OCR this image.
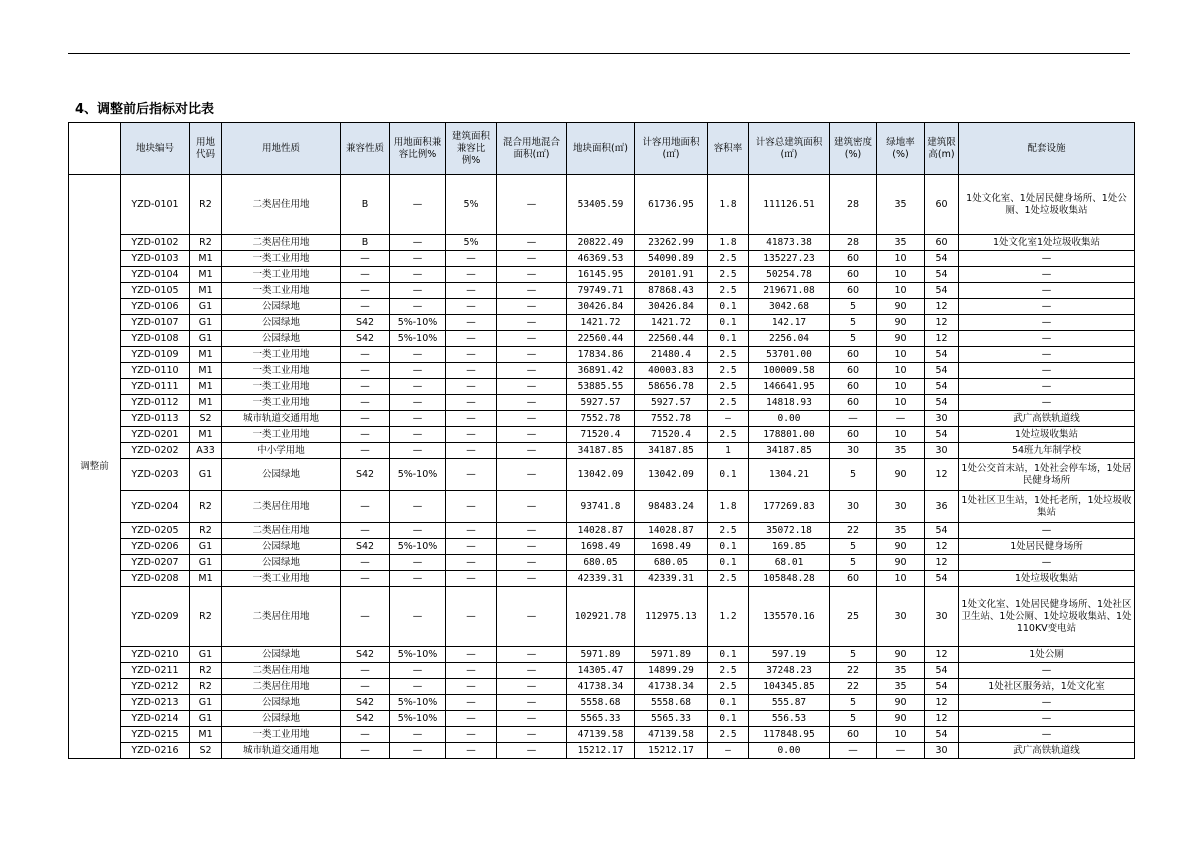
4、调整前后指标对比表
	地块编号	用地代码	用地性质	兼容性质	用地面积兼容比例%	建筑面积兼容比例%	混合用地混合面积(㎡)	地块面积(㎡)	计容用地面积(㎡)	容积率	计容总建筑面积(㎡)	建筑密度(%)	绿地率(%)	建筑限高(m)	配套设施
调整前	YZD-0101	R2	二类居住用地	B	—	5%	—	53405.59	61736.95	1.8	111126.51	28	35	60	1处文化室、1处居民健身场所、1处公厕、1处垃圾收集站
	YZD-0102	R2	二类居住用地	B	—	5%	—	20822.49	23262.99	1.8	41873.38	28	35	60	1处文化室1处垃圾收集站
	YZD-0103	M1	一类工业用地	—	—	—	—	46369.53	54090.89	2.5	135227.23	60	10	54	—
	YZD-0104	M1	一类工业用地	—	—	—	—	16145.95	20101.91	2.5	50254.78	60	10	54	—
	YZD-0105	M1	一类工业用地	—	—	—	—	79749.71	87868.43	2.5	219671.08	60	10	54	—
	YZD-0106	G1	公园绿地	—	—	—	—	30426.84	30426.84	0.1	3042.68	5	90	12	—
	YZD-0107	G1	公园绿地	S42	5%-10%	—	—	1421.72	1421.72	0.1	142.17	5	90	12	—
	YZD-0108	G1	公园绿地	S42	5%-10%	—	—	22560.44	22560.44	0.1	2256.04	5	90	12	—
	YZD-0109	M1	一类工业用地	—	—	—	—	17834.86	21480.4	2.5	53701.00	60	10	54	—
	YZD-0110	M1	一类工业用地	—	—	—	—	36891.42	40003.83	2.5	100009.58	60	10	54	—
	YZD-0111	M1	一类工业用地	—	—	—	—	53885.55	58656.78	2.5	146641.95	60	10	54	—
	YZD-0112	M1	一类工业用地	—	—	—	—	5927.57	5927.57	2.5	14818.93	60	10	54	—
	YZD-0113	S2	城市轨道交通用地	—	—	—	—	7552.78	7552.78	—	0.00	—	—	30	武广高铁轨道线
	YZD-0201	M1	一类工业用地	—	—	—	—	71520.4	71520.4	2.5	178801.00	60	10	54	1处垃圾收集站
	YZD-0202	A33	中小学用地	—	—	—	—	34187.85	34187.85	1	34187.85	30	35	30	54班九年制学校
	YZD-0203	G1	公园绿地	S42	5%-10%	—	—	13042.09	13042.09	0.1	1304.21	5	90	12	1处公交首末站，1处社会停车场，1处居民健身场所
	YZD-0204	R2	二类居住用地	—	—	—	—	93741.8	98483.24	1.8	177269.83	30	30	36	1处社区卫生站，1处托老所，1处垃圾收集站
	YZD-0205	R2	二类居住用地	—	—	—	—	14028.87	14028.87	2.5	35072.18	22	35	54	—
	YZD-0206	G1	公园绿地	S42	5%-10%	—	—	1698.49	1698.49	0.1	169.85	5	90	12	1处居民健身场所
	YZD-0207	G1	公园绿地	—	—	—	—	680.05	680.05	0.1	68.01	5	90	12	—
	YZD-0208	M1	一类工业用地	—	—	—	—	42339.31	42339.31	2.5	105848.28	60	10	54	1处垃圾收集站
	YZD-0209	R2	二类居住用地	—	—	—	—	102921.78	112975.13	1.2	135570.16	25	30	30	1处文化室、1处居民健身场所、1处社区卫生站、1处公厕、1处垃圾收集站、1处110KV变电站
	YZD-0210	G1	公园绿地	S42	5%-10%	—	—	5971.89	5971.89	0.1	597.19	5	90	12	1处公厕
	YZD-0211	R2	二类居住用地	—	—	—	—	14305.47	14899.29	2.5	37248.23	22	35	54	—
	YZD-0212	R2	二类居住用地	—	—	—	—	41738.34	41738.34	2.5	104345.85	22	35	54	1处社区服务站，1处文化室
	YZD-0213	G1	公园绿地	S42	5%-10%	—	—	5558.68	5558.68	0.1	555.87	5	90	12	—
	YZD-0214	G1	公园绿地	S42	5%-10%	—	—	5565.33	5565.33	0.1	556.53	5	90	12	—
	YZD-0215	M1	一类工业用地	—	—	—	—	47139.58	47139.58	2.5	117848.95	60	10	54	—
	YZD-0216	S2	城市轨道交通用地	—	—	—	—	15212.17	15212.17	—	0.00	—	—	30	武广高铁轨道线
